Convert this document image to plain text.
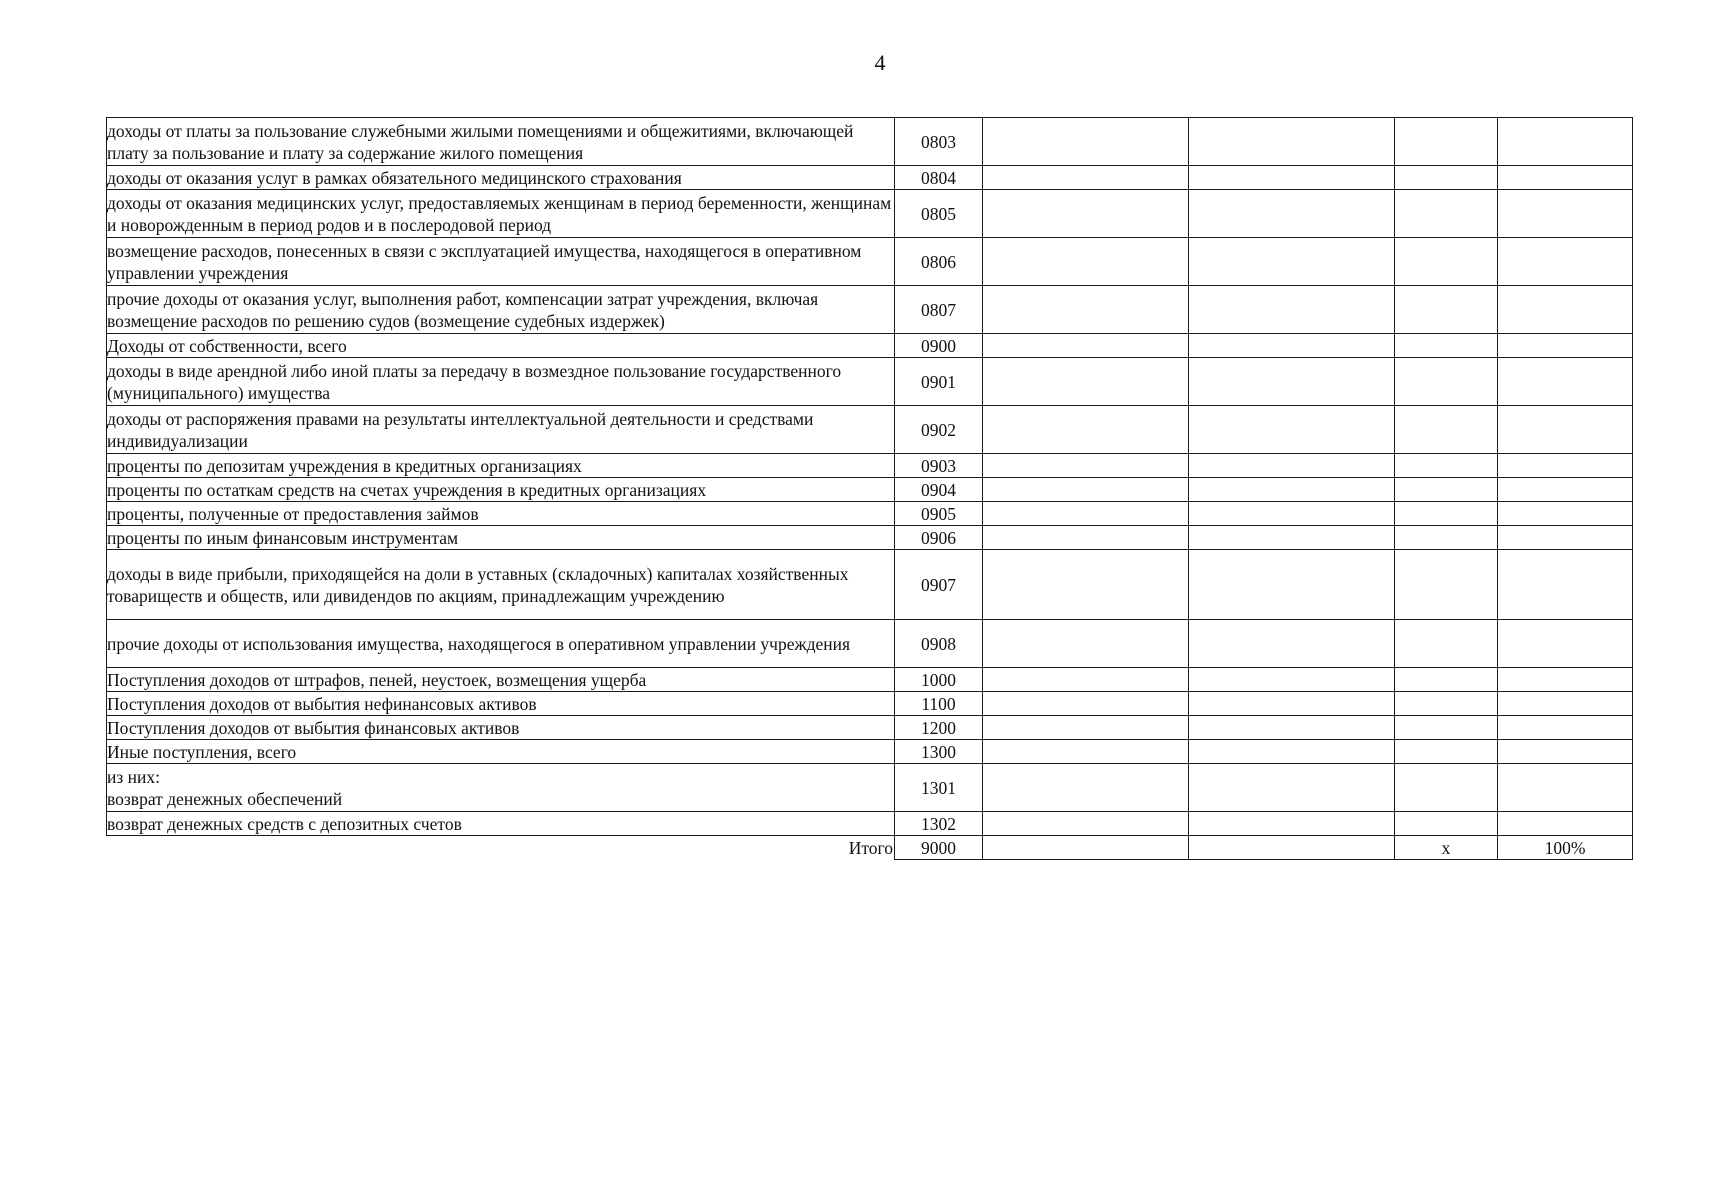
4
доходы от платы за пользование служебными жилыми помещениями и общежитиями, включающей плату за пользование и плату за содержание жилого помещения	0803				
доходы от оказания услуг в рамках обязательного медицинского страхования	0804				
доходы от оказания медицинских услуг, предоставляемых женщинам в период беременности, женщинам и новорожденным в период родов и в послеродовой период	0805				
возмещение расходов, понесенных в связи с эксплуатацией имущества, находящегося в оперативном управлении учреждения	0806				
прочие доходы от оказания услуг, выполнения работ, компенсации затрат учреждения, включая возмещение расходов по решению судов (возмещение судебных издержек)	0807				
Доходы от собственности, всего	0900				
доходы в виде арендной либо иной платы за передачу в возмездное пользование государственного (муниципального) имущества	0901				
доходы от распоряжения правами на результаты интеллектуальной деятельности и средствами индивидуализации	0902				
проценты по депозитам учреждения в кредитных организациях	0903				
проценты по остаткам средств на счетах учреждения в кредитных организациях	0904				
проценты, полученные от предоставления займов	0905				
проценты по иным финансовым инструментам	0906				
доходы в виде прибыли, приходящейся на доли в уставных (складочных) капиталах хозяйственных товариществ и обществ, или дивидендов по акциям, принадлежащим учреждению	0907				
прочие доходы от использования имущества, находящегося в оперативном управлении учреждения	0908				
Поступления доходов от штрафов, пеней, неустоек, возмещения ущерба	1000				
Поступления доходов от выбытия нефинансовых активов	1100				
Поступления доходов от выбытия финансовых активов	1200				
Иные поступления, всего	1300				
из них:
возврат денежных обеспечений	1301				
возврат денежных средств с депозитных счетов	1302				
Итого	9000			x	100%
